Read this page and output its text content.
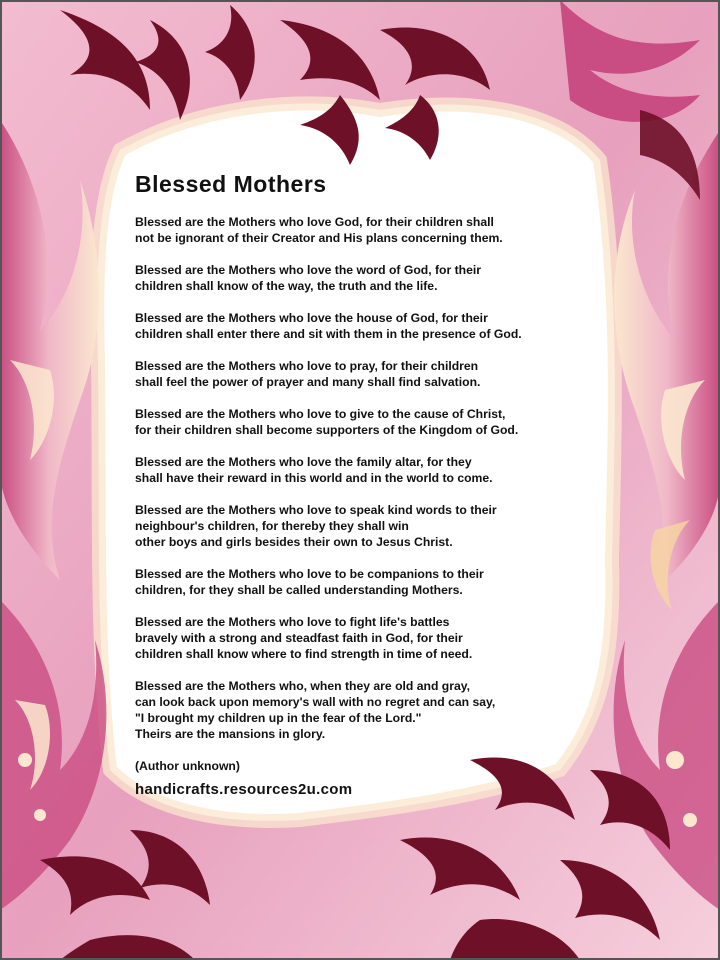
Blessed Mothers
Blessed are the Mothers who love God, for their children shall
not be ignorant of their Creator and His plans concerning them.
Blessed are the Mothers who love the word of God, for their
children shall know of the way, the truth and the life.
Blessed are the Mothers who love the house of God, for their
children shall enter there and sit with them in the presence of God.
Blessed are the Mothers who love to pray, for their children
shall feel the power of prayer and many shall find salvation.
Blessed are the Mothers who love to give to the cause of Christ,
for their children shall become supporters of the Kingdom of God.
Blessed are the Mothers who love the family altar, for they
shall have their reward in this world and in the world to come.
Blessed are the Mothers who love to speak kind words to their
neighbour's children, for thereby they shall win
other boys and girls besides their own to Jesus Christ.
Blessed are the Mothers who love to be companions to their
children, for they shall be called understanding Mothers.
Blessed are the Mothers who love to fight life's battles
bravely with a strong and steadfast faith in God, for their
children shall know where to find strength in time of need.
Blessed are the Mothers who, when they are old and gray,
can look back upon memory's wall with no regret and can say,
"I brought my children up in the fear of the Lord."
Theirs are the mansions in glory.
(Author unknown)
handicrafts.resources2u.com
